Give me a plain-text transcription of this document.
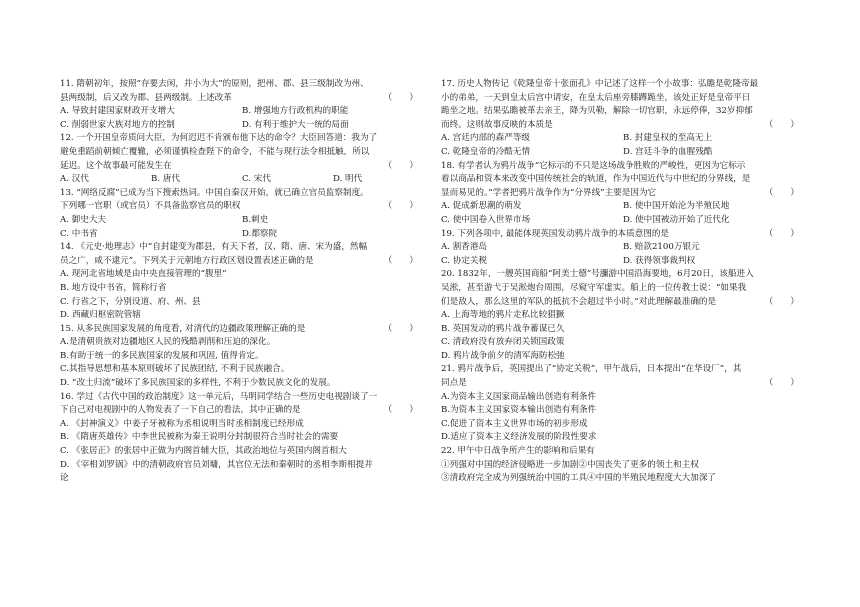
11. 隋朝初年，按照“存要去闲，并小为大”的原则，把州、郡、县三级制改为州、
县两级制，后又改为郡、县两级制。上述改革	（　　）
A. 导致封建国家财政开支增大	B. 增强地方行政机构的职能
C. 削弱世家大族对地方的控制	D. 有利于维护大一统的局面
12. 一个开国皇帝质问大臣，为何迟迟不肯颁布他下达的命令？大臣回答道：我为了
避免重蹈前朝倾亡覆辙，必须谨慎检查陛下的命令，不能与现行法令相抵触，所以
延迟。这个故事最可能发生在	（　　）
A. 汉代	B. 唐代	C. 宋代	D. 明代
13. “网络反腐”已成为当下搜索热词。中国自秦汉开始，就已确立官员监察制度。
下列哪一官职（或官员）不具备监察官员的职权	（　　）
A. 御史大夫	B.刺史
C. 中书省	D.都察院
14. 《元史·地理志》中“自封建变为郡县，有天下者，汉、隋、唐、宋为盛，然幅
员之广，咸不逮元”。下列关于元朝地方行政区划设置表述正确的是	（　　）
A. 现河北省地域是由中央直接管理的“腹里”
B. 地方设中书省，简称行省
C. 行省之下，分别设道、府、州、县
D. 西藏归枢密院管辖
15. 从多民族国家发展的角度看, 对清代的边疆政策理解正确的是	（　　）
A.是清朝贵族对边疆地区人民的残酷剥削和压迫的深化。
B.有助于统一的多民族国家的发展和巩固, 值得肯定。
C.其指导思想和基本原则破坏了民族团结, 不利于民族融合。
D. “改土归流”破坏了多民族国家的多样性, 不利于少数民族文化的发展。
16. 学过《古代中国的政治制度》这一单元后，马明同学结合一些历史电视剧谈了一
下自己对电视剧中的人物发表了一下自己的看法，其中正确的是	（　　）
A. 《封神演义》中姜子牙被称为丞相说明当时丞相制度已经形成
B. 《隋唐英雄传》中李世民被称为秦王说明分封制很符合当时社会的需要
C. 《张居正》的张居中正做为内阁首辅大臣，其政治地位与英国内阁首相大
D. 《宰相刘罗锅》中的清朝政府官员刘墉，其官位无法和秦朝时的丞相李斯相提并
论
17. 历史人物传记《乾隆皇帝十张面孔》中记述了这样一个小故事：弘瞻是乾隆帝最
小的弟弟，一天到皇太后宫中请安，在皇太后座旁膝蹲跪坐，该处正好是皇帝平日
跪坐之地。结果弘瞻被革去亲王，降为贝勒，解除一切官职，永远停俸，32岁抑郁
而终。这则故事反映的本质是	（　　）
A. 宫廷内部的森严等级	B. 封建皇权的至高无上
C. 乾隆皇帝的冷酷无情	D. 宫廷斗争的血腥残酷
18. 有学者认为鸦片战争“它标示的不只是这场战争胜败的严峻性，更因为它标示
着以商品和资本来改变中国传统社会的轨道，作为中国近代与中世纪的分界线，是
显而易见的。”学者把鸦片战争作为“分界线”主要是因为它	（　　）
A. 促成新思潮的萌发	B. 使中国开始沦为半殖民地
C. 使中国卷入世界市场	D. 使中国被动开始了近代化
19. 下列各项中, 最能体现英国发动鸦片战争的本质意图的是	（　　）
A. 割香港岛	B. 赔款2100万银元
C. 协定关税	D. 获得领事裁判权
20. 1832年，一艘英国商船“阿美士德”号瀰游中国沿海要地，6月20日，该船进入
吴淞，甚至游弋于吴淞炮台周围，尽窥守军虚实。船上的一位传教士说：“如果我
们是敌人，那么这里的军队的抵抗不会超过半小时。”对此理解最准确的是	（　　）
A. 上海等地的鸦片走私比较猖獗
B. 英国发动的鸦片战争蓄谋已久
C. 清政府没有放弃闭关锁国政策
D. 鸦片战争前夕的清军海防松弛
21. 鸦片战争后，英国提出了“协定关税”，甲午战后，日本提出“在华设厂”，其
同点是	（　　）
A.为资本主义国家商品输出创造有利条件
B.为资本主义国家资本输出创造有利条件
C.促进了资本主义世界市场的初步形成
D.适应了资本主义经济发展的阶段性要求
22. 甲午中日战争所产生的影响和后果有
①列强对中国的经济侵略进一步加剧②中国丧失了更多的领土和主权
③清政府完全成为列强统治中国的工具④中国的半殖民地程度大大加深了
